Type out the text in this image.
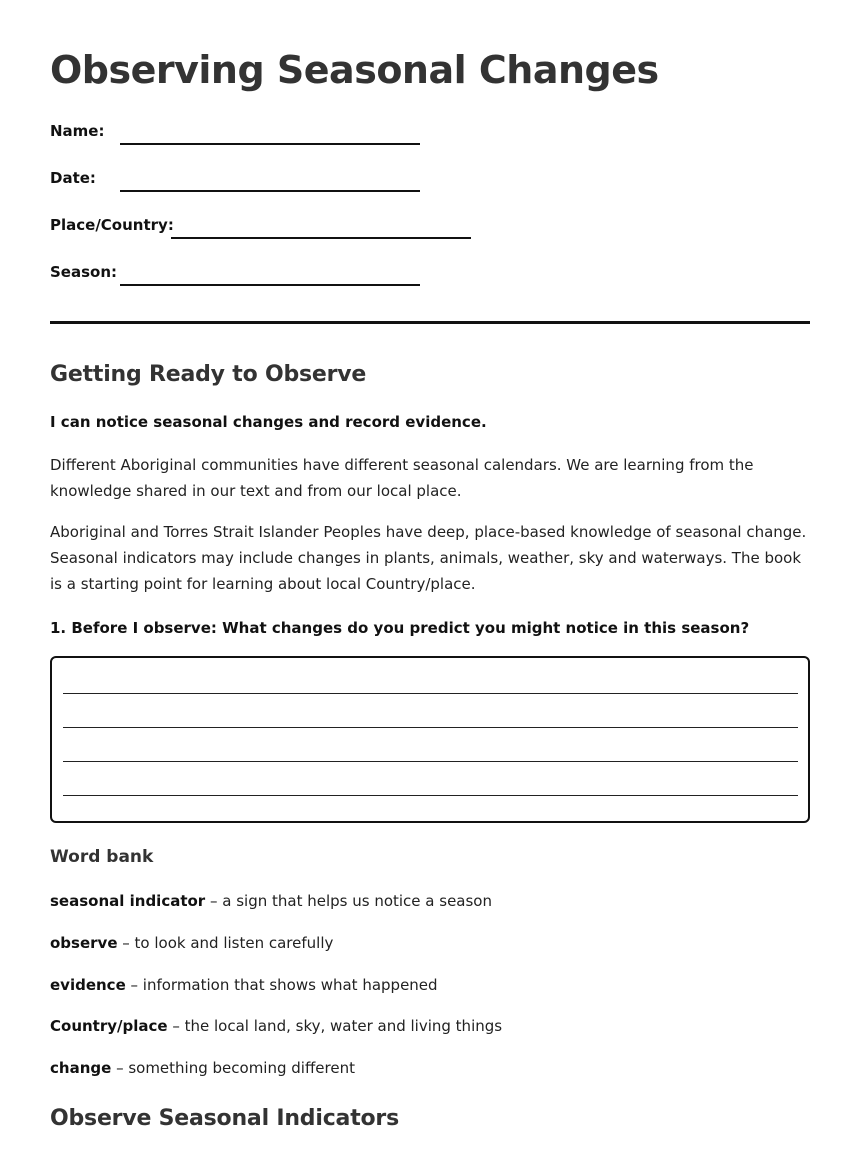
Observing Seasonal Changes
Name:
Date:
Place/Country:
Season:
Getting Ready to Observe

I can notice seasonal changes and record evidence.

Different Aboriginal communities have different seasonal calendars. We are learning from the knowledge shared in our text and from our local place.

Aboriginal and Torres Strait Islander Peoples have deep, place-based knowledge of seasonal change. Seasonal indicators may include changes in plants, animals, weather, sky and waterways. The book is a starting point for learning about local Country/place.

1. Before I observe: What changes do you predict you might notice in this season?

Word bank

seasonal indicator – a sign that helps us notice a season

observe – to look and listen carefully

evidence – information that shows what happened

Country/place – the local land, sky, water and living things

change – something becoming different

Observe Seasonal Indicators
